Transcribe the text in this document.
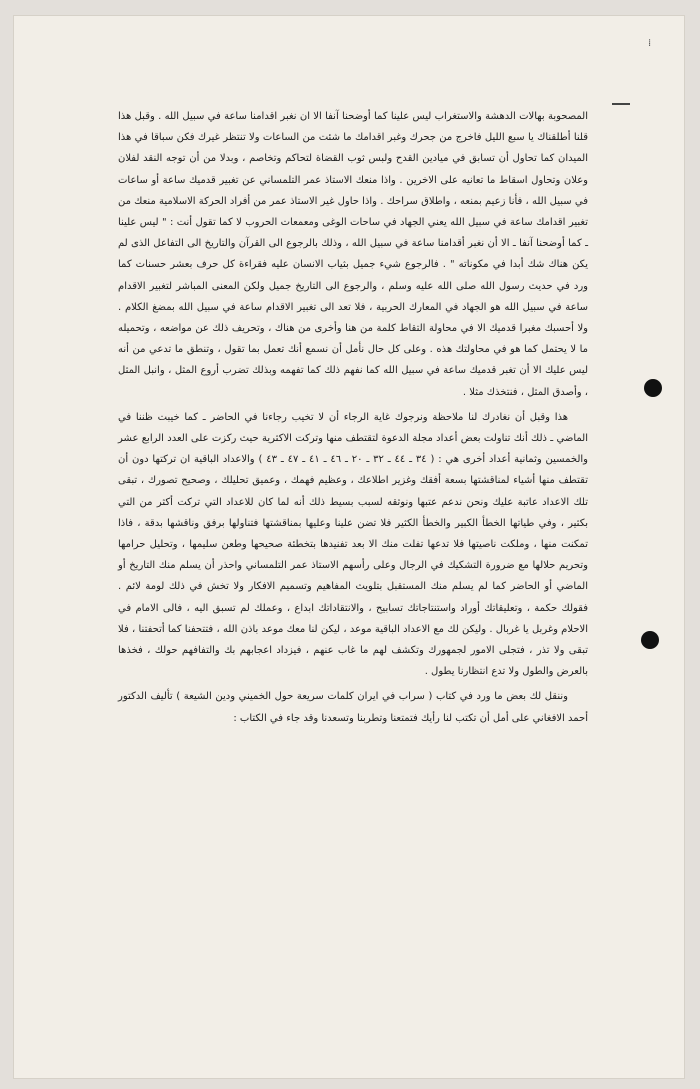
⁞

المصحوبة بهالات الدهشة والاستغراب ليس علينا كما أوضحنا آنفا الا ان نغبر اقدامنا ساعة في سبيل الله . وقبل هذا قلنا أطلقناك يا سبع الليل فاخرج من جحرك وغبر اقدامك ما شئت من الساعات ولا تنتظر غيرك فكن سباقا في هذا الميدان كما تحاول أن تسابق في ميادين القدح ولبس ثوب القضاة لتحاكم وتخاصم ، وبدلا من أن توجه النقد لفلان وعلان وتحاول اسقاط ما تعانيه على الاخرين . واذا منعك الاستاذ عمر التلمساني عن تغبير قدميك ساعة أو ساعات في سبيل الله ، فأنا زعيم بمنعه ، واطلاق سراحك . واذا حاول غير الاستاذ عمر من أفراد الحركة الاسلامية منعك من تغبير اقدامك ساعة في سبيل الله يعني الجهاد في ساحات الوغى ومعمعات الحروب لا كما تقول أنت : " ليس علينا ـ كما أوضحنا آنفا ـ الا أن نغبر أقدامنا ساعة في سبيل الله ، وذلك بالرجوع الى القرآن والتاريخ الى التفاعل الذى لم يكن هناك شك أبدا في مكوناته " . فالرجوع شيء جميل بثياب الانسان عليه فقراءة كل حرف بعشر حسنات كما ورد في حديث رسول الله صلى الله عليه وسلم ، والرجوع الى التاريخ جميل ولكن المعنى المباشر لتغبير الاقدام ساعة في سبيل الله هو الجهاد في المعارك الحربية ، فلا تعد الى تغبير الاقدام ساعة في سبيل الله بمضغ الكلام . ولا أحسبك مغبرا قدميك الا في محاولة التقاط كلمة من هنا وأخرى من هناك ، وتحريف ذلك عن مواضعه ، وتحميله ما لا يحتمل كما هو في محاولتك هذه . وعلى كل حال نأمل أن نسمع أنك تعمل بما تقول ، وتنطق ما تدعي من أنه ليس عليك الا أن تغبر قدميك ساعة في سبيل الله كما نفهم ذلك كما تفهمه وبذلك تضرب أروع المثل ، وانبل المثل ، وأصدق المثل ، فنتخذك مثلا .

هذا وقبل أن نغادرك لنا ملاحظة ونرجوك غاية الرجاء أن لا تخيب رجاءنا في الحاضر ـ كما خيبت ظننا في الماضي ـ ذلك أنك تناولت بعض أعداد مجلة الدعوة لتقتطف منها وتركت الاكثرية حيث ركزت على العدد الرابع عشر والخمسين وثمانية أعداد أخرى هي : ( ٣٤ ـ ٤٤ ـ ٣٢ ـ ٢٠ ـ ٤٦ ـ ٤١ ـ ٤٧ ـ ٤٣ ) والاعداد الباقية ان تركتها دون أن تقتطف منها أشياء لمناقشتها بسعة أفقك وغزير اطلاعك ، وعظيم فهمك ، وعميق تحليلك ، وصحيح تصورك ، تبقى تلك الاعداد عاتبة عليك ونحن ندعم عتبها ونوثقه لسبب بسيط ذلك أنه لما كان للاعداد التي تركت أكثر من التي بكثير ، وفي طياتها الخطأ الكبير والخطأ الكثير فلا تضن علينا وعليها بمناقشتها فتناولها برفق وناقشها بدقة ، فاذا تمكنت منها ، وملكت ناصيتها فلا تدعها تفلت منك الا بعد تفنيدها بتخطئة صحيحها وطعن سليمها ، وتحليل حرامها وتحريم حلالها مع ضرورة التشكيك في الرجال وعلى رأسهم الاستاذ عمر التلمساني واحذر أن يسلم منك التاريخ أو الماضي أو الحاضر كما لم يسلم منك المستقبل بتلويث المفاهيم وتسميم الافكار ولا تخش في ذلك لومة لائم . فقولك حكمة ، وتعليقاتك أوراد واستنتاجاتك تسابيح ، والانتقاداتك ابداع ، وعملك لم تسبق اليه ، فالى الامام في الاحلام وغربل يا غربال . وليكن لك مع الاعداد الباقية موعد ، ليكن لنا معك موعد باذن الله ، فتتحفنا كما أتحفتنا ، فلا تبقى ولا تذر ، فتجلى الامور لجمهورك وتكشف لهم ما غاب عنهم ، فيزداد اعجابهم بك والتفافهم حولك ، فخذها بالعرض والطول ولا تدع انتظارنا يطول .

وننقل لك بعض ما ورد في كتاب ( سراب في ايران كلمات سريعة حول الخميني ودين الشيعة ) تأليف الدكتور أحمد الافغاني على أمل أن تكتب لنا رأيك فتمتعنا وتطربنا وتسعدنا وقد جاء في الكتاب :
